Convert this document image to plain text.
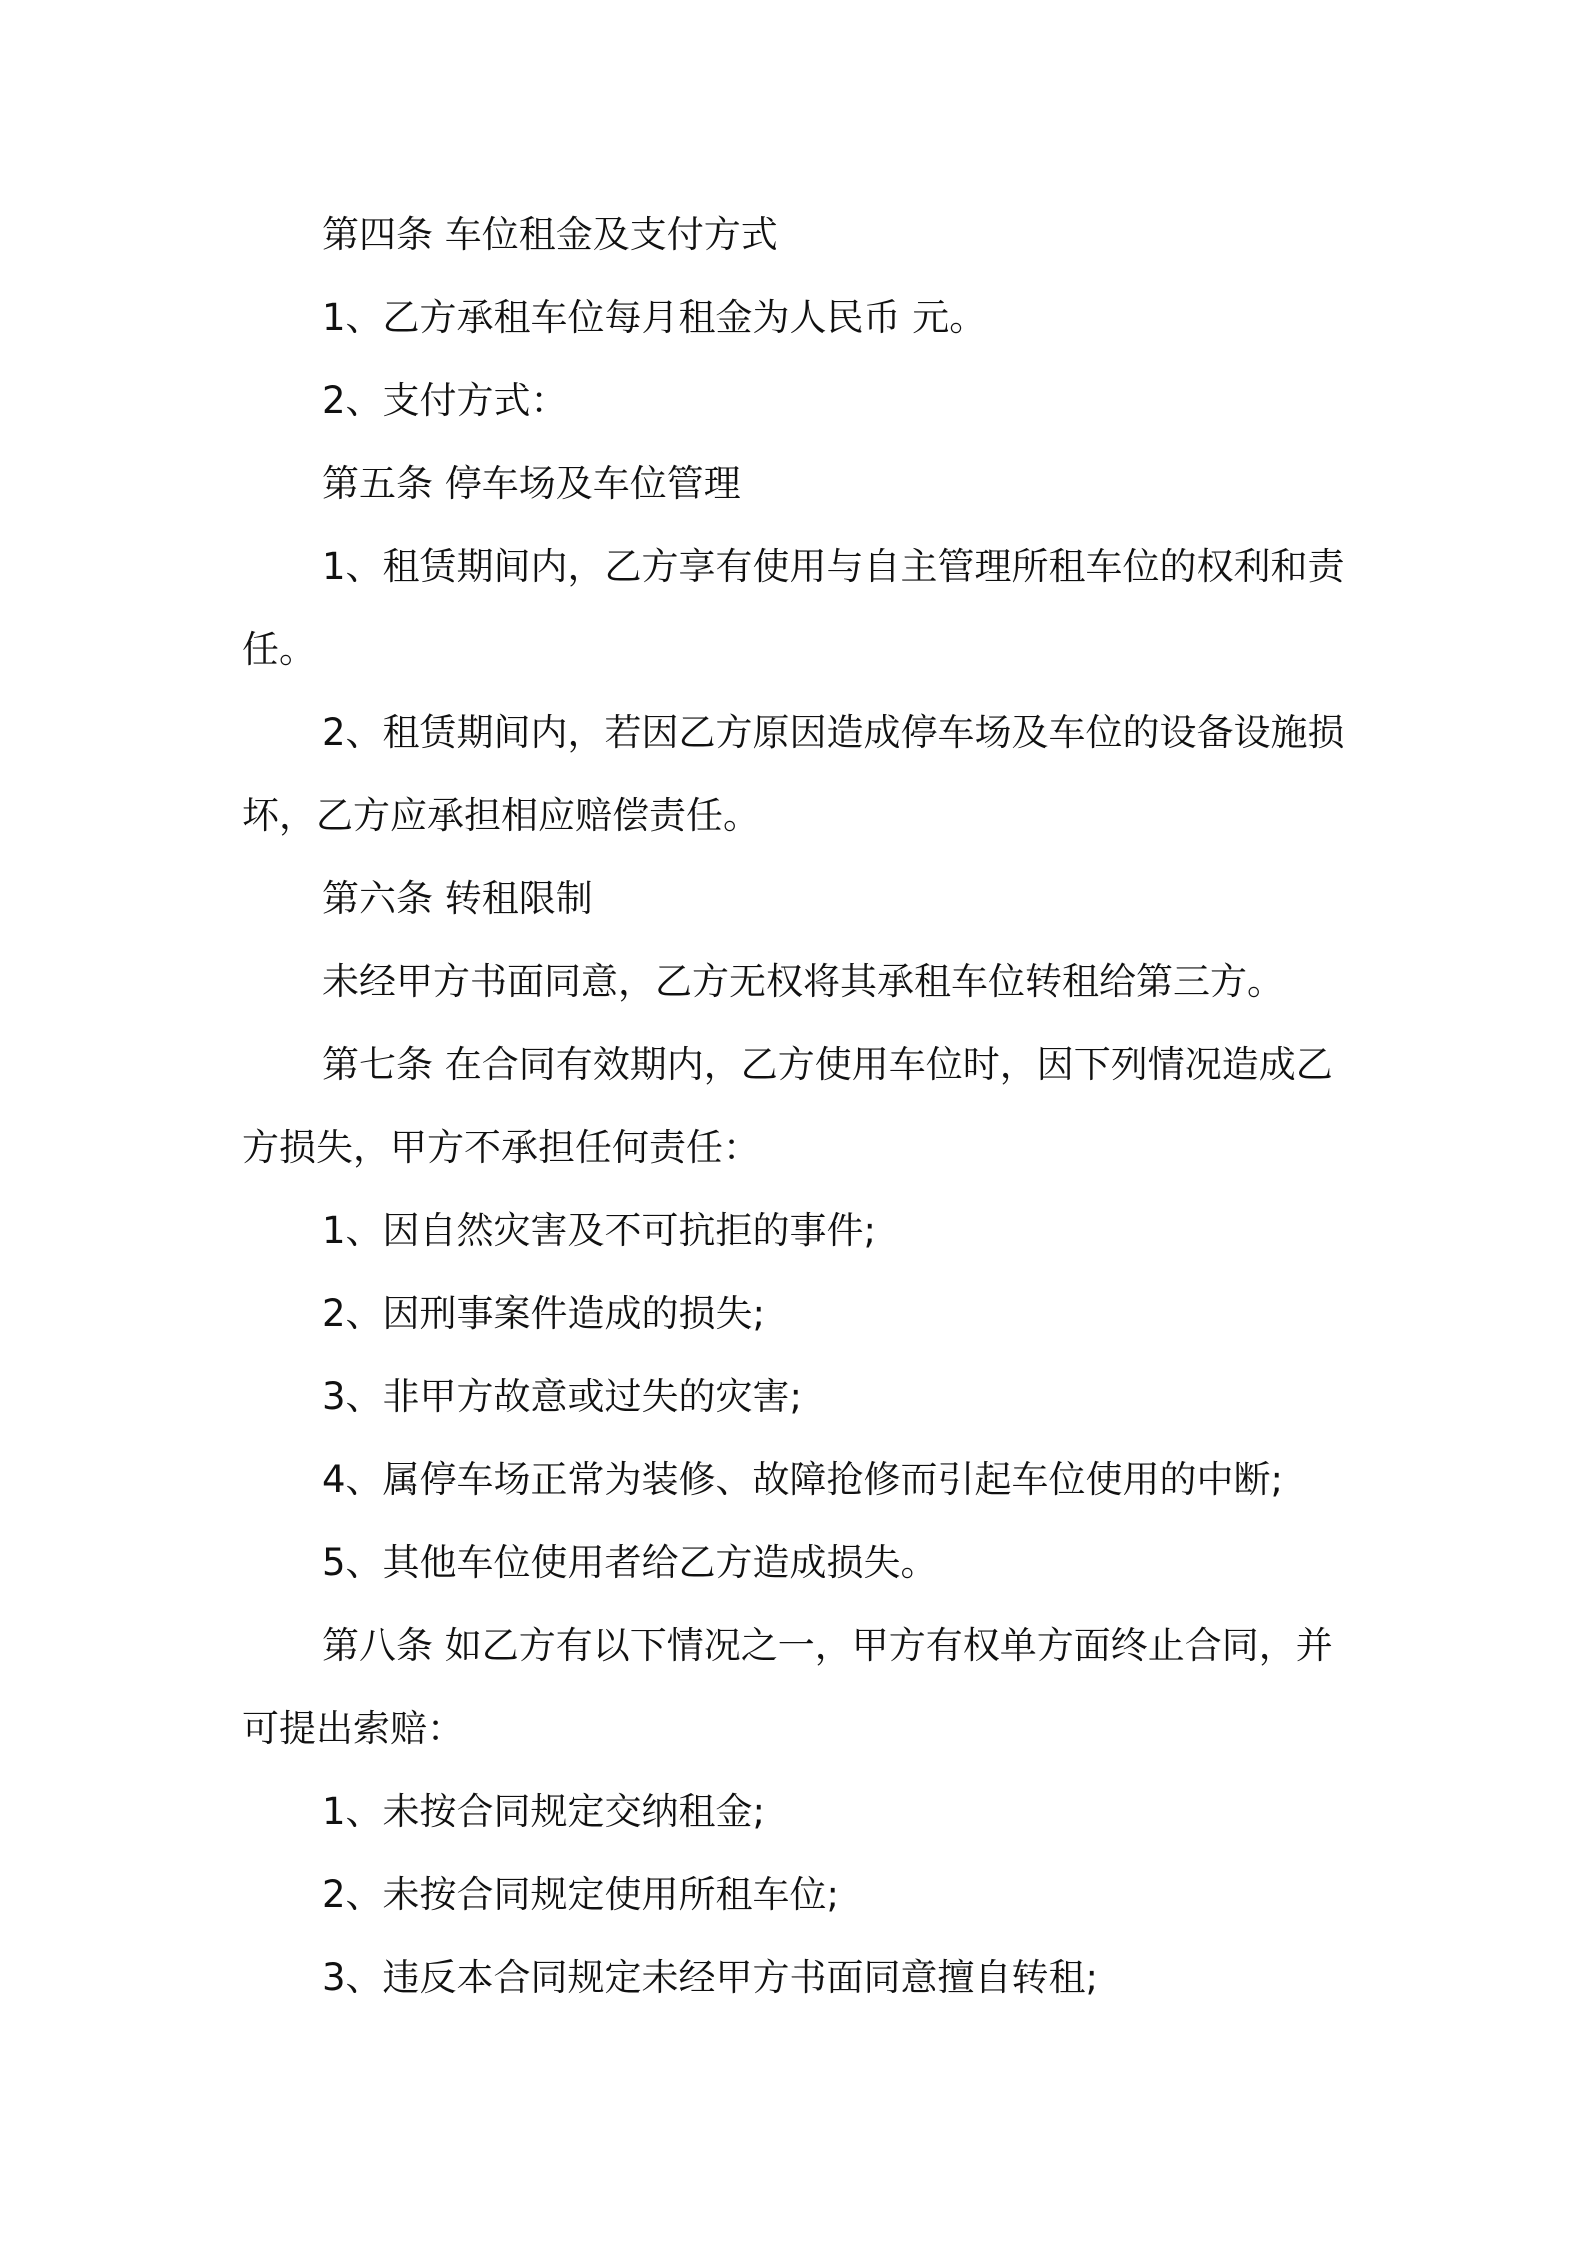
第四条 车位租金及支付方式

1、乙方承租车位每月租金为人民币 元。

2、支付方式：

第五条 停车场及车位管理

1、租赁期间内，乙方享有使用与自主管理所租车位的权利和责任。

2、租赁期间内，若因乙方原因造成停车场及车位的设备设施损坏，乙方应承担相应赔偿责任。

第六条 转租限制

未经甲方书面同意，乙方无权将其承租车位转租给第三方。

第七条 在合同有效期内，乙方使用车位时，因下列情况造成乙方损失，甲方不承担任何责任：

1、因自然灾害及不可抗拒的事件;

2、因刑事案件造成的损失;

3、非甲方故意或过失的灾害;

4、属停车场正常为装修、故障抢修而引起车位使用的中断;

5、其他车位使用者给乙方造成损失。

第八条 如乙方有以下情况之一，甲方有权单方面终止合同，并可提出索赔：

1、未按合同规定交纳租金;

2、未按合同规定使用所租车位;

3、违反本合同规定未经甲方书面同意擅自转租;
